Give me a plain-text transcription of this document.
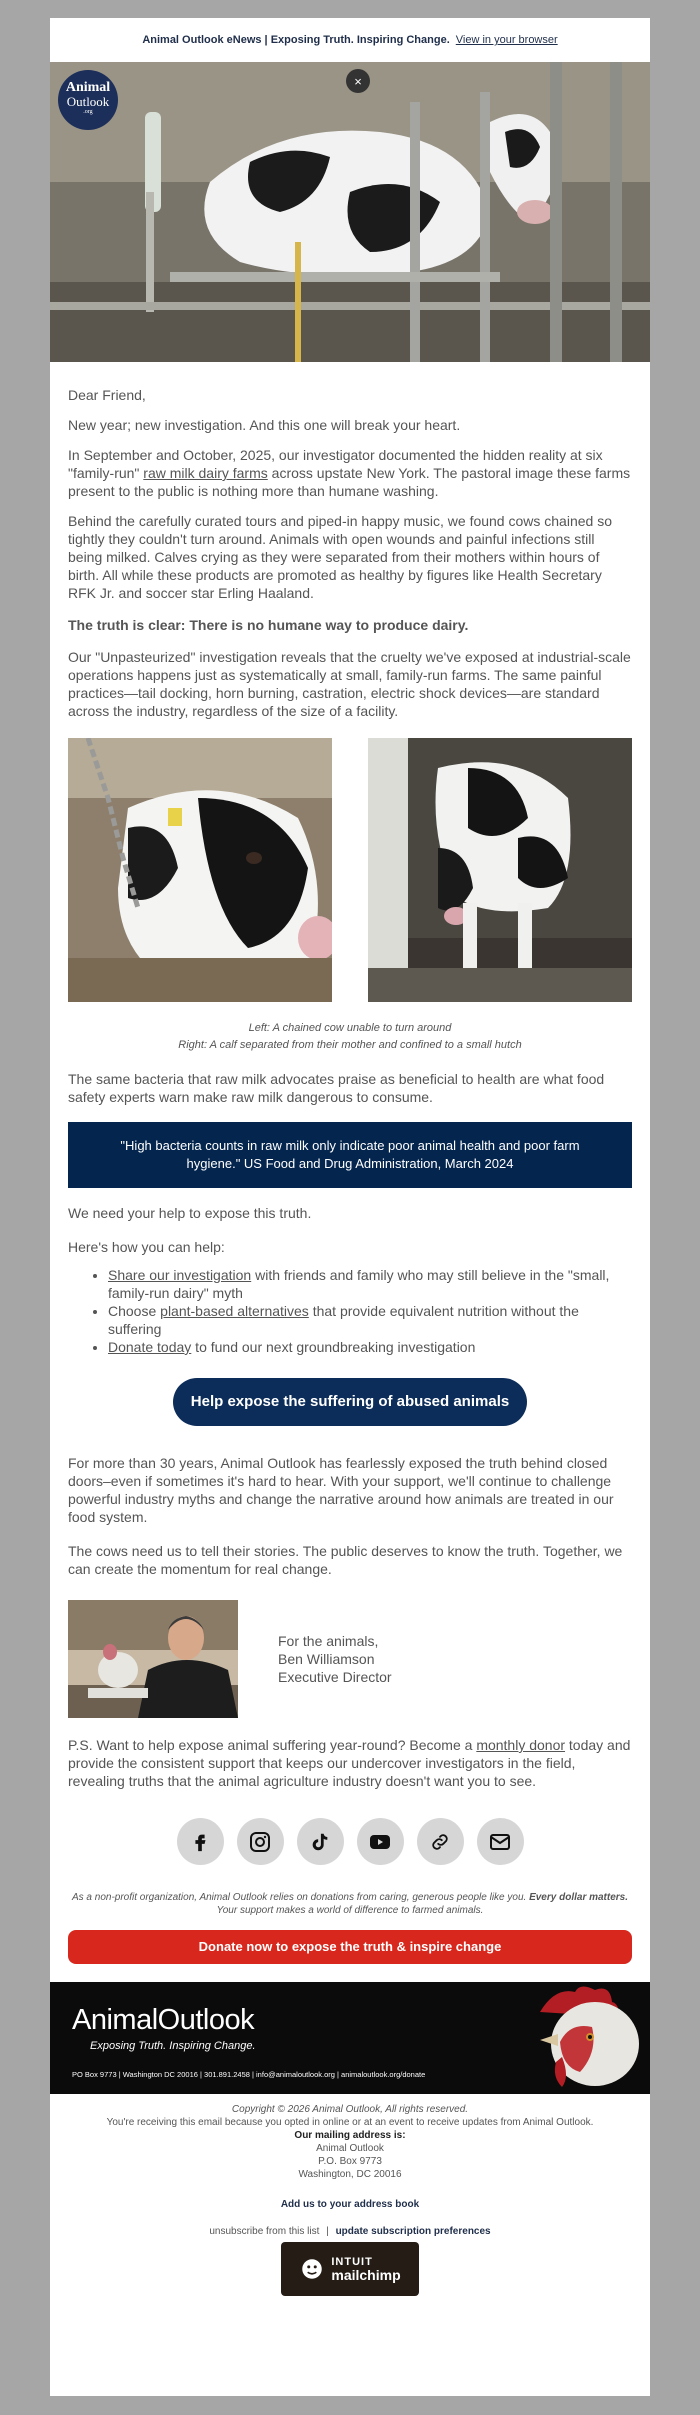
Animal Outlook eNews | Exposing Truth. Inspiring Change. View in your browser
×
Animal
Outlook
.org

Dear Friend,

New year; new investigation. And this one will break your heart.

In September and October, 2025, our investigator documented the hidden reality at six "family-run" raw milk dairy farms across upstate New York. The pastoral image these farms present to the public is nothing more than humane washing.

Behind the carefully curated tours and piped-in happy music, we found cows chained so tightly they couldn't turn around. Animals with open wounds and painful infections still being milked. Calves crying as they were separated from their mothers within hours of birth. All while these products are promoted as healthy by figures like Health Secretary RFK Jr. and soccer star Erling Haaland.

The truth is clear: There is no humane way to produce dairy.

Our "Unpasteurized" investigation reveals that the cruelty we've exposed at industrial-scale operations happens just as systematically at small, family-run farms. The same painful practices—tail docking, horn burning, castration, electric shock devices—are standard across the industry, regardless of the size of a facility.

Left: A chained cow unable to turn around
Right: A calf separated from their mother and confined to a small hutch

The same bacteria that raw milk advocates praise as beneficial to health are what food safety experts warn make raw milk dangerous to consume.

"High bacteria counts in raw milk only indicate poor animal health and poor farm hygiene." US Food and Drug Administration, March 2024

We need your help to expose this truth.

Here's how you can help:

• Share our investigation with friends and family who may still believe in the "small, family-run dairy" myth
• Choose plant-based alternatives that provide equivalent nutrition without the suffering
• Donate today to fund our next groundbreaking investigation
Help expose the suffering of abused animals

For more than 30 years, Animal Outlook has fearlessly exposed the truth behind closed doors–even if sometimes it's hard to hear. With your support, we'll continue to challenge powerful industry myths and change the narrative around how animals are treated in our food system.

The cows need us to tell their stories. The public deserves to know the truth. Together, we can create the momentum for real change.

For the animals,
Ben Williamson
Executive Director

P.S. Want to help expose animal suffering year-round? Become a monthly donor today and provide the consistent support that keeps our undercover investigators in the field, revealing truths that the animal agriculture industry doesn't want you to see.

As a non-profit organization, Animal Outlook relies on donations from caring, generous people like you. Every dollar matters. Your support makes a world of difference to farmed animals.
Donate now to expose the truth & inspire change
AnimalOutlook
Exposing Truth. Inspiring Change.
PO Box 9773 | Washington DC 20016 | 301.891.2458 | info@animaloutlook.org | animaloutlook.org/donate
Copyright © 2026 Animal Outlook, All rights reserved.
You're receiving this email because you opted in online or at an event to receive updates from Animal Outlook.
Our mailing address is:
Animal Outlook
P.O. Box 9773
Washington, DC 20016
Add us to your address book
unsubscribe from this list | update subscription preferences
INTUIT
mailchimp
